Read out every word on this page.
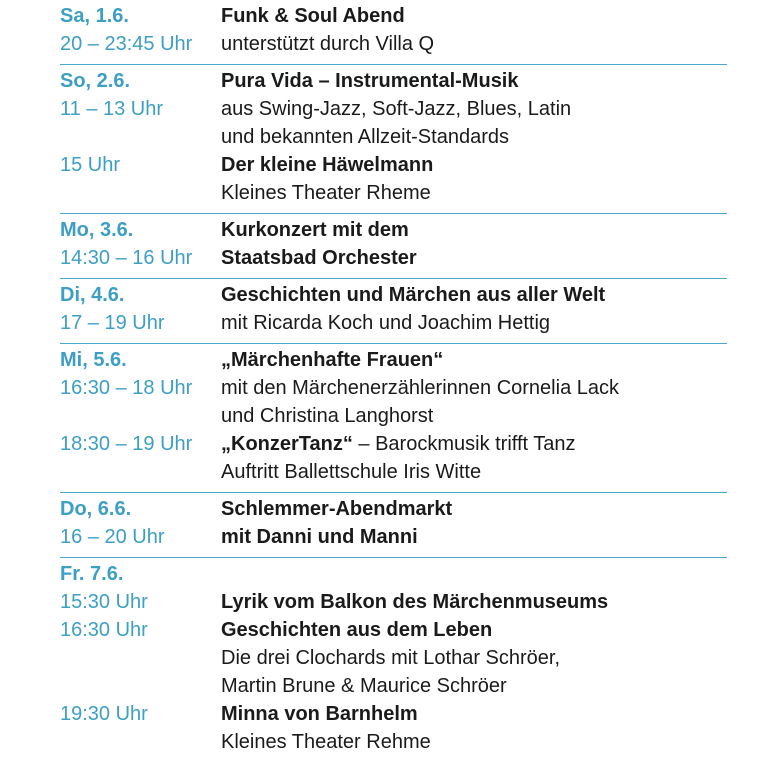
Sa, 1.6.	Funk & Soul Abend
20 – 23:45 Uhr	unterstützt durch Villa Q
So, 2.6.	Pura Vida – Instrumental-Musik
11 – 13 Uhr	aus Swing-Jazz, Soft-Jazz, Blues, Latin
und bekannten Allzeit-Standards
15 Uhr	Der kleine Häwelmann
Kleines Theater Rheme
Mo, 3.6.	Kurkonzert mit dem
14:30 – 16 Uhr	Staatsbad Orchester
Di, 4.6.	Geschichten und Märchen aus aller Welt
17 – 19 Uhr	mit Ricarda Koch und Joachim Hettig
Mi, 5.6.	„Märchenhafte Frauen“
16:30 – 18 Uhr	mit den Märchenerzählerinnen Cornelia Lack
und Christina Langhorst
18:30 – 19 Uhr	„KonzerTanz“ – Barockmusik trifft Tanz
Auftritt Ballettschule Iris Witte
Do, 6.6.	Schlemmer-Abendmarkt
16 – 20 Uhr	mit Danni und Manni
Fr. 7.6.
15:30 Uhr	Lyrik vom Balkon des Märchenmuseums
16:30 Uhr	Geschichten aus dem Leben
Die drei Clochards mit Lothar Schröer,
Martin Brune & Maurice Schröer
19:30 Uhr	Minna von Barnhelm
Kleines Theater Rehme
